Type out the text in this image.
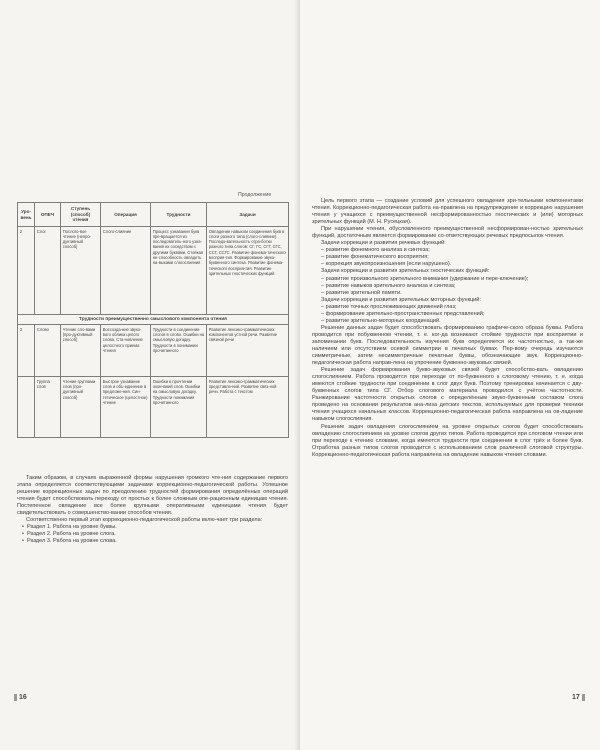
Продолжение
Уро-вень	ОПЕЧ	Ступень (способ) чтения	Операция	Трудности	Задачи
2	Слог	Послого-вое чтение (непро-дуктивный способ)	Слого-слияние	Процесс узнавания букв пре-вращается из последователь-ного узна-вания их соседством с другими буквами. Стойкая не-способность овладеть на-выками слогослияния	Овладение навыком соединения букв в слоги разного типа (слого-слияние). Последо-вательность отра-ботки разного типа слогов: СГ, ГС, СГГ, СГС, ССГ, ССГС. Развитие фонема-тического восприя-тия. Формирование звуко-буквенного синтеза. Развитие фонема-тического восприя-тия. Развитие зрительных гностических функций
Трудности преимущественно смыслового компонента чтения					
3	Слово	Чтение сло-вами (про-дуктивный способ)	Воссозда-ние звуко-вого облика целого слова. Ста-новление целостного приема чтения	Трудности в соединении слогов в слово. Ошибки на смысловую догадку. Трудности в понимании прочитанного	Развитие лексико-грамматических компонентов устной речи. Развитие связной речи
	Группа слов	Чтение группами слов (про-дуктивный способ)	Быстрое узнавание слов и объ-единение в предложе-ния. Син-тетическое (целостное) чтение	Ошибки в прочтении окончаний слов. Ошибки на смысловую догадку. Трудности понимания прочитанного	Развитие лексико-грамматических представле-ний. Развитие связ-ной речи. Работа с текстом

Таким образом, в случаях выраженной формы нарушения громкого чте-ния содержание первого этапа определяется соответствующими задачами коррекционно-педагогической работы. Успешное решение коррекционных задач по преодолению трудностей формирования определённых операций чтения будет способствовать переходу от простых к более сложным опе-рационным единицам чтения. Постепенное овладение все более крупными оперативными единицами чтения будет свидетельствовать о совершенство-вании способов чтения.

Соответственно первый этап коррекционно-педагогической работы вклю-чает три раздела:

• Раздел 1. Работа на уровне буквы.
• Раздел 2. Работа на уровне слога.
• Раздел 3. Работа на уровне слова.
16	17

Цель первого этапа — создание условий для успешного овладения зри-тельными компонентами чтения. Коррекционно-педагогическая работа на-правлена на предупреждение и коррекцию нарушения чтения у учащихся с преимущественной несформированностью гностических и (или) моторных зрительных функций (М. Н. Русецкая).

При нарушении чтения, обусловленного преимущественной несформирован-ностью зрительных функций, достаточным является формирование со-ответствующих речевых предпосылок чтения.

Задачи коррекции и развития речевых функций:

– развитие фонемного анализа и синтеза;

– развитие фонематического восприятия;

– коррекция звукопроизношения (если нарушено).

Задачи коррекции и развития зрительных гностических функций:

– развитие произвольного зрительного внимания (удержание и пере-ключение);

– развитие навыков зрительного анализа и синтеза;

– развитие зрительной памяти.

Задачи коррекции и развития зрительных моторных функций:

– развитие точных прослеживающих движений глаз;

– формирование зрительно-пространственных представлений;

– развитие зрительно-моторных координаций.

Решение данных задач будет способствовать формированию графиче-ского образа буквы. Работа проводится при побуквенном чтении, т. е. ког-да возникают стойкие трудности при восприятии и запоминании букв. Последовательность изучения букв определяется их частотностью, а так-же наличием или отсутствием осевой симметрии в печатных буквах. Пер-вому очередь изучаются симметричные, затем несимметричные печатные буквы, обозначающие звук. Коррекционно-педагогическая работа направ-лена на упрочение буквенно-звуковых связей.

Решение задач формирования букво-звуковых связей будет способство-вать овладению слогослиянием. Работа проводится при переходе от по-буквенного к слоговому чтению, т. е. когда имеются стойкие трудности при соединении в слог двух букв. Поэтому тренировка начинается с дву-буквенных слогов типа СГ. Отбор слогового материала проводился с учётом частотности. Ранжирование частотности открытых слогов с определённым звуко-буквенным составом слога проведено на основании результатов ана-лиза детских текстов, используемых для проверки техники чтения учащихся начальных классов. Коррекционно-педагогическая работа направлена на ов-ладение навыком слогослияния.

Решение задач овладения слогослиянием на уровне открытых слогов будет способствовать овладению слогослиянием на уровне слогов других типов. Работа проводится при слоговом чтении или при переходе к чтению словами, когда имеются трудности при соединении в слог трёх и более букв. Отработка разных типов слогов проводится с использованием слов различной слоговой структуры. Коррекционно-педагогическая работа направлена на овладение навыком чтения словами.
